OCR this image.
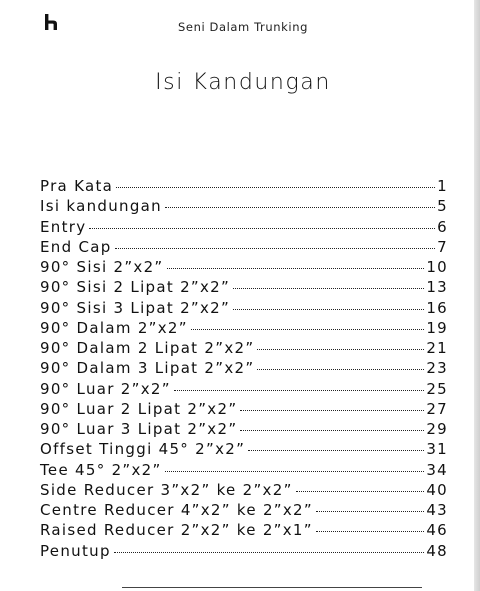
Seni Dalam Trunking
Isi Kandungan
Pra Kata	1
Isi kandungan	5
Entry	6
End Cap	7
90° Sisi 2”x2”	10
90° Sisi 2 Lipat 2”x2”	13
90° Sisi 3 Lipat 2”x2”	16
90° Dalam 2”x2”	19
90° Dalam 2 Lipat 2”x2”	21
90° Dalam 3 Lipat 2”x2”	23
90° Luar 2”x2”	25
90° Luar 2 Lipat 2”x2”	27
90° Luar 3 Lipat 2”x2”	29
Offset Tinggi 45° 2”x2”	31
Tee 45° 2”x2”	34
Side Reducer 3”x2” ke 2”x2”	40
Centre Reducer 4”x2” ke 2”x2”	43
Raised Reducer 2”x2” ke 2”x1”	46
Penutup	48
